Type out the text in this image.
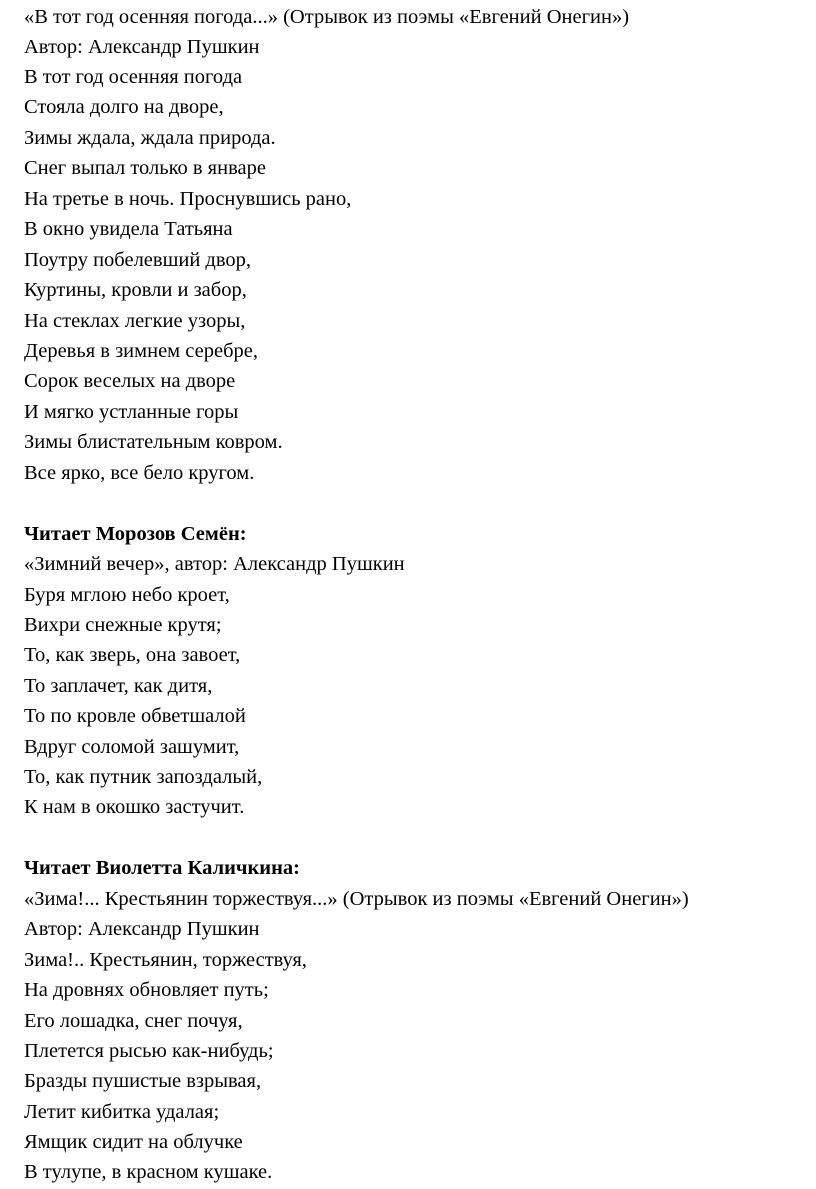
«В тот год осенняя погода...» (Отрывок из поэмы «Евгений Онегин»)
Автор: Александр Пушкин
В тот год осенняя погода
Стояла долго на дворе,
Зимы ждала, ждала природа.
Снег выпал только в январе
На третье в ночь. Проснувшись рано,
В окно увидела Татьяна
Поутру побелевший двор,
Куртины, кровли и забор,
На стеклах легкие узоры,
Деревья в зимнем серебре,
Сорок веселых на дворе
И мягко устланные горы
Зимы блистательным ковром.
Все ярко, все бело кругом.
Читает Морозов Семён:
«Зимний вечер», автор: Александр Пушкин
Буря мглою небо кроет,
Вихри снежные крутя;
То, как зверь, она завоет,
То заплачет, как дитя,
То по кровле обветшалой
Вдруг соломой зашумит,
То, как путник запоздалый,
К нам в окошко застучит.
Читает Виолетта Каличкина:
«Зима!... Крестьянин торжествуя...» (Отрывок из поэмы «Евгений Онегин»)
Автор: Александр Пушкин
Зима!.. Крестьянин, торжествуя,
На дровнях обновляет путь;
Его лошадка, снег почуя,
Плетется рысью как-нибудь;
Бразды пушистые взрывая,
Летит кибитка удалая;
Ямщик сидит на облучке
В тулупе, в красном кушаке.
